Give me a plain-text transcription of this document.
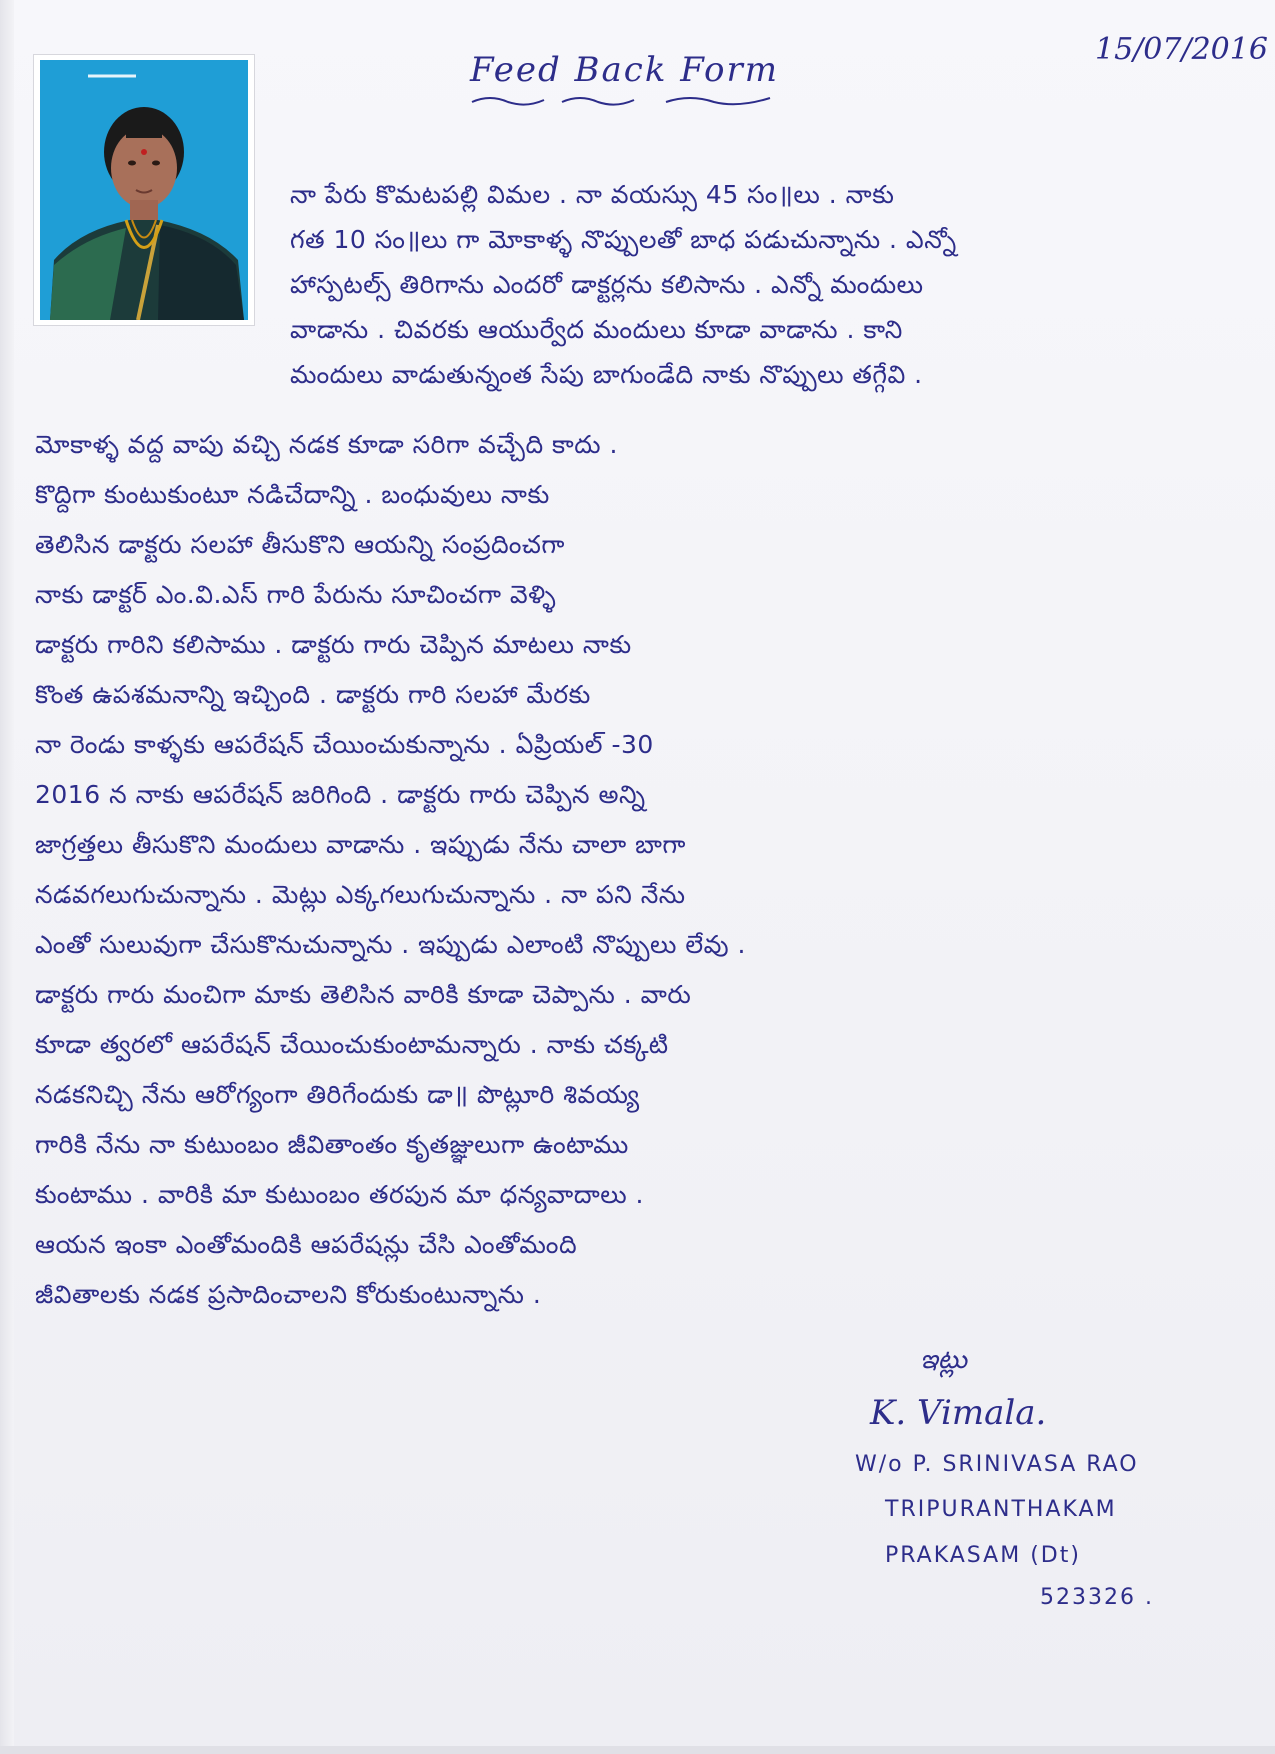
Feed Back Form
15/07/2016
నా పేరు కొమటపల్లి విమల . నా వయస్సు 45 సం॥లు . నాకు
గత 10 సం॥లు గా మోకాళ్ళ నొప్పులతో బాధ పడుచున్నాను . ఎన్నో
హాస్పటల్స్ తిరిగాను ఎందరో డాక్టర్లను కలిసాను . ఎన్నో మందులు
వాడాను . చివరకు ఆయుర్వేద మందులు కూడా వాడాను . కాని
మందులు వాడుతున్నంత సేపు బాగుండేది నాకు నొప్పులు తగ్గేవి .
మోకాళ్ళ వద్ద వాపు వచ్చి నడక కూడా సరిగా వచ్చేది కాదు .
కొద్దిగా కుంటుకుంటూ నడిచేదాన్ని . బంధువులు నాకు
తెలిసిన డాక్టరు సలహా తీసుకొని ఆయన్ని సంప్రదించగా
నాకు డాక్టర్ ఎం.వి.ఎస్ గారి పేరును సూచించగా వెళ్ళి
డాక్టరు గారిని కలిసాము . డాక్టరు గారు చెప్పిన మాటలు నాకు
కొంత ఉపశమనాన్ని ఇచ్చింది . డాక్టరు గారి సలహా మేరకు
నా రెండు కాళ్ళకు ఆపరేషన్ చేయించుకున్నాను . ఏప్రియల్ -30
2016 న నాకు ఆపరేషన్ జరిగింది . డాక్టరు గారు చెప్పిన అన్ని
జాగ్రత్తలు తీసుకొని మందులు వాడాను . ఇప్పుడు నేను చాలా బాగా
నడవగలుగుచున్నాను . మెట్లు ఎక్కగలుగుచున్నాను . నా పని నేను
ఎంతో సులువుగా చేసుకొనుచున్నాను . ఇప్పుడు ఎలాంటి నొప్పులు లేవు .
డాక్టరు గారు మంచిగా మాకు తెలిసిన వారికి కూడా చెప్పాను . వారు
కూడా త్వరలో ఆపరేషన్ చేయించుకుంటామన్నారు . నాకు చక్కటి
నడకనిచ్చి నేను ఆరోగ్యంగా తిరిగేందుకు డా॥ పొట్లూరి శివయ్య
గారికి నేను నా కుటుంబం జీవితాంతం కృతజ్ఞులుగా ఉంటాము
కుంటాము . వారికి మా కుటుంబం తరపున మా ధన్యవాదాలు .
ఆయన ఇంకా ఎంతోమందికి ఆపరేషన్లు చేసి ఎంతోమంది
జీవితాలకు నడక ప్రసాదించాలని కోరుకుంటున్నాను .
ఇట్లు
K. Vimala.
W/o P. SRINIVASA RAO
TRIPURANTHAKAM
PRAKASAM (Dt)
523326 .
